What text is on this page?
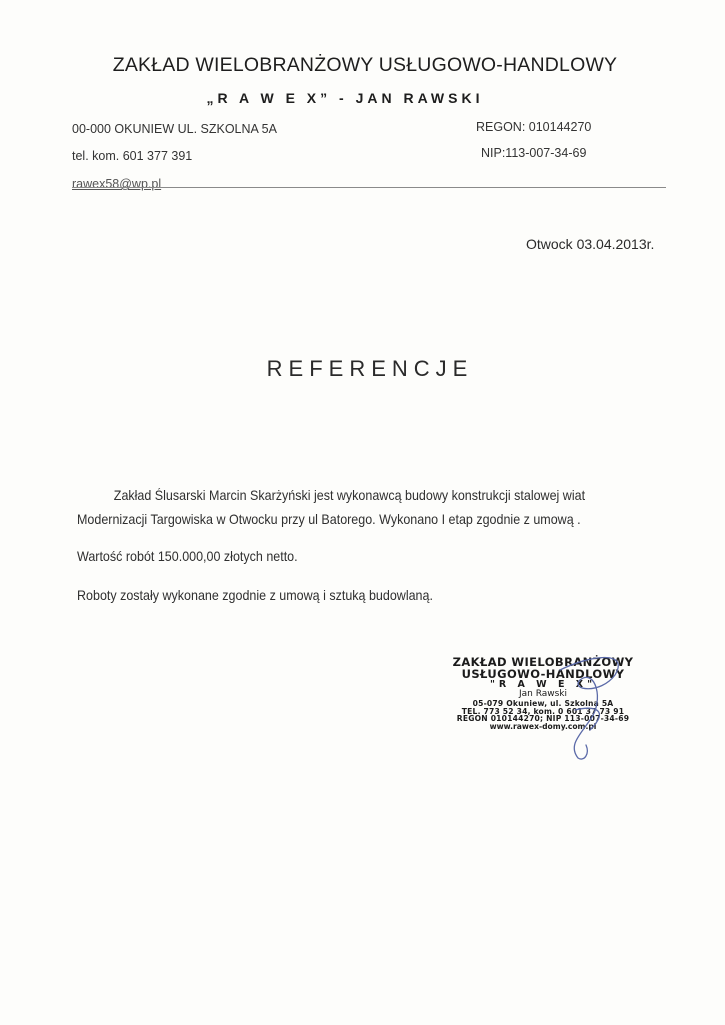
ZAKŁAD WIELOBRANŻOWY USŁUGOWO-HANDLOWY
„R A W E X” - JAN RAWSKI
00-000 OKUNIEW UL. SZKOLNA 5A
tel. kom. 601 377 391
rawex58@wp.pl
REGON: 010144270
NIP:113-007-34-69
Otwock 03.04.2013r.
REFERENCJE

Zakład Ślusarski Marcin Skarżyński jest wykonawcą budowy konstrukcji stalowej wiat Modernizacji Targowiska w Otwocku przy ul Batorego. Wykonano I etap zgodnie z umową .

Wartość robót 150.000,00 złotych netto.

Roboty zostały wykonane zgodnie z umową i sztuką budowlaną.

ZAKŁAD WIELOBRANŻOWY
USŁUGOWO-HANDLOWY
"R A W E X"
Jan Rawski
05-079 Okuniew, ul. Szkolna 5A
TEL. 773 52 34, kom. 0 601 37 73 91
REGON 010144270; NIP 113-007-34-69
www.rawex-domy.com.pl
